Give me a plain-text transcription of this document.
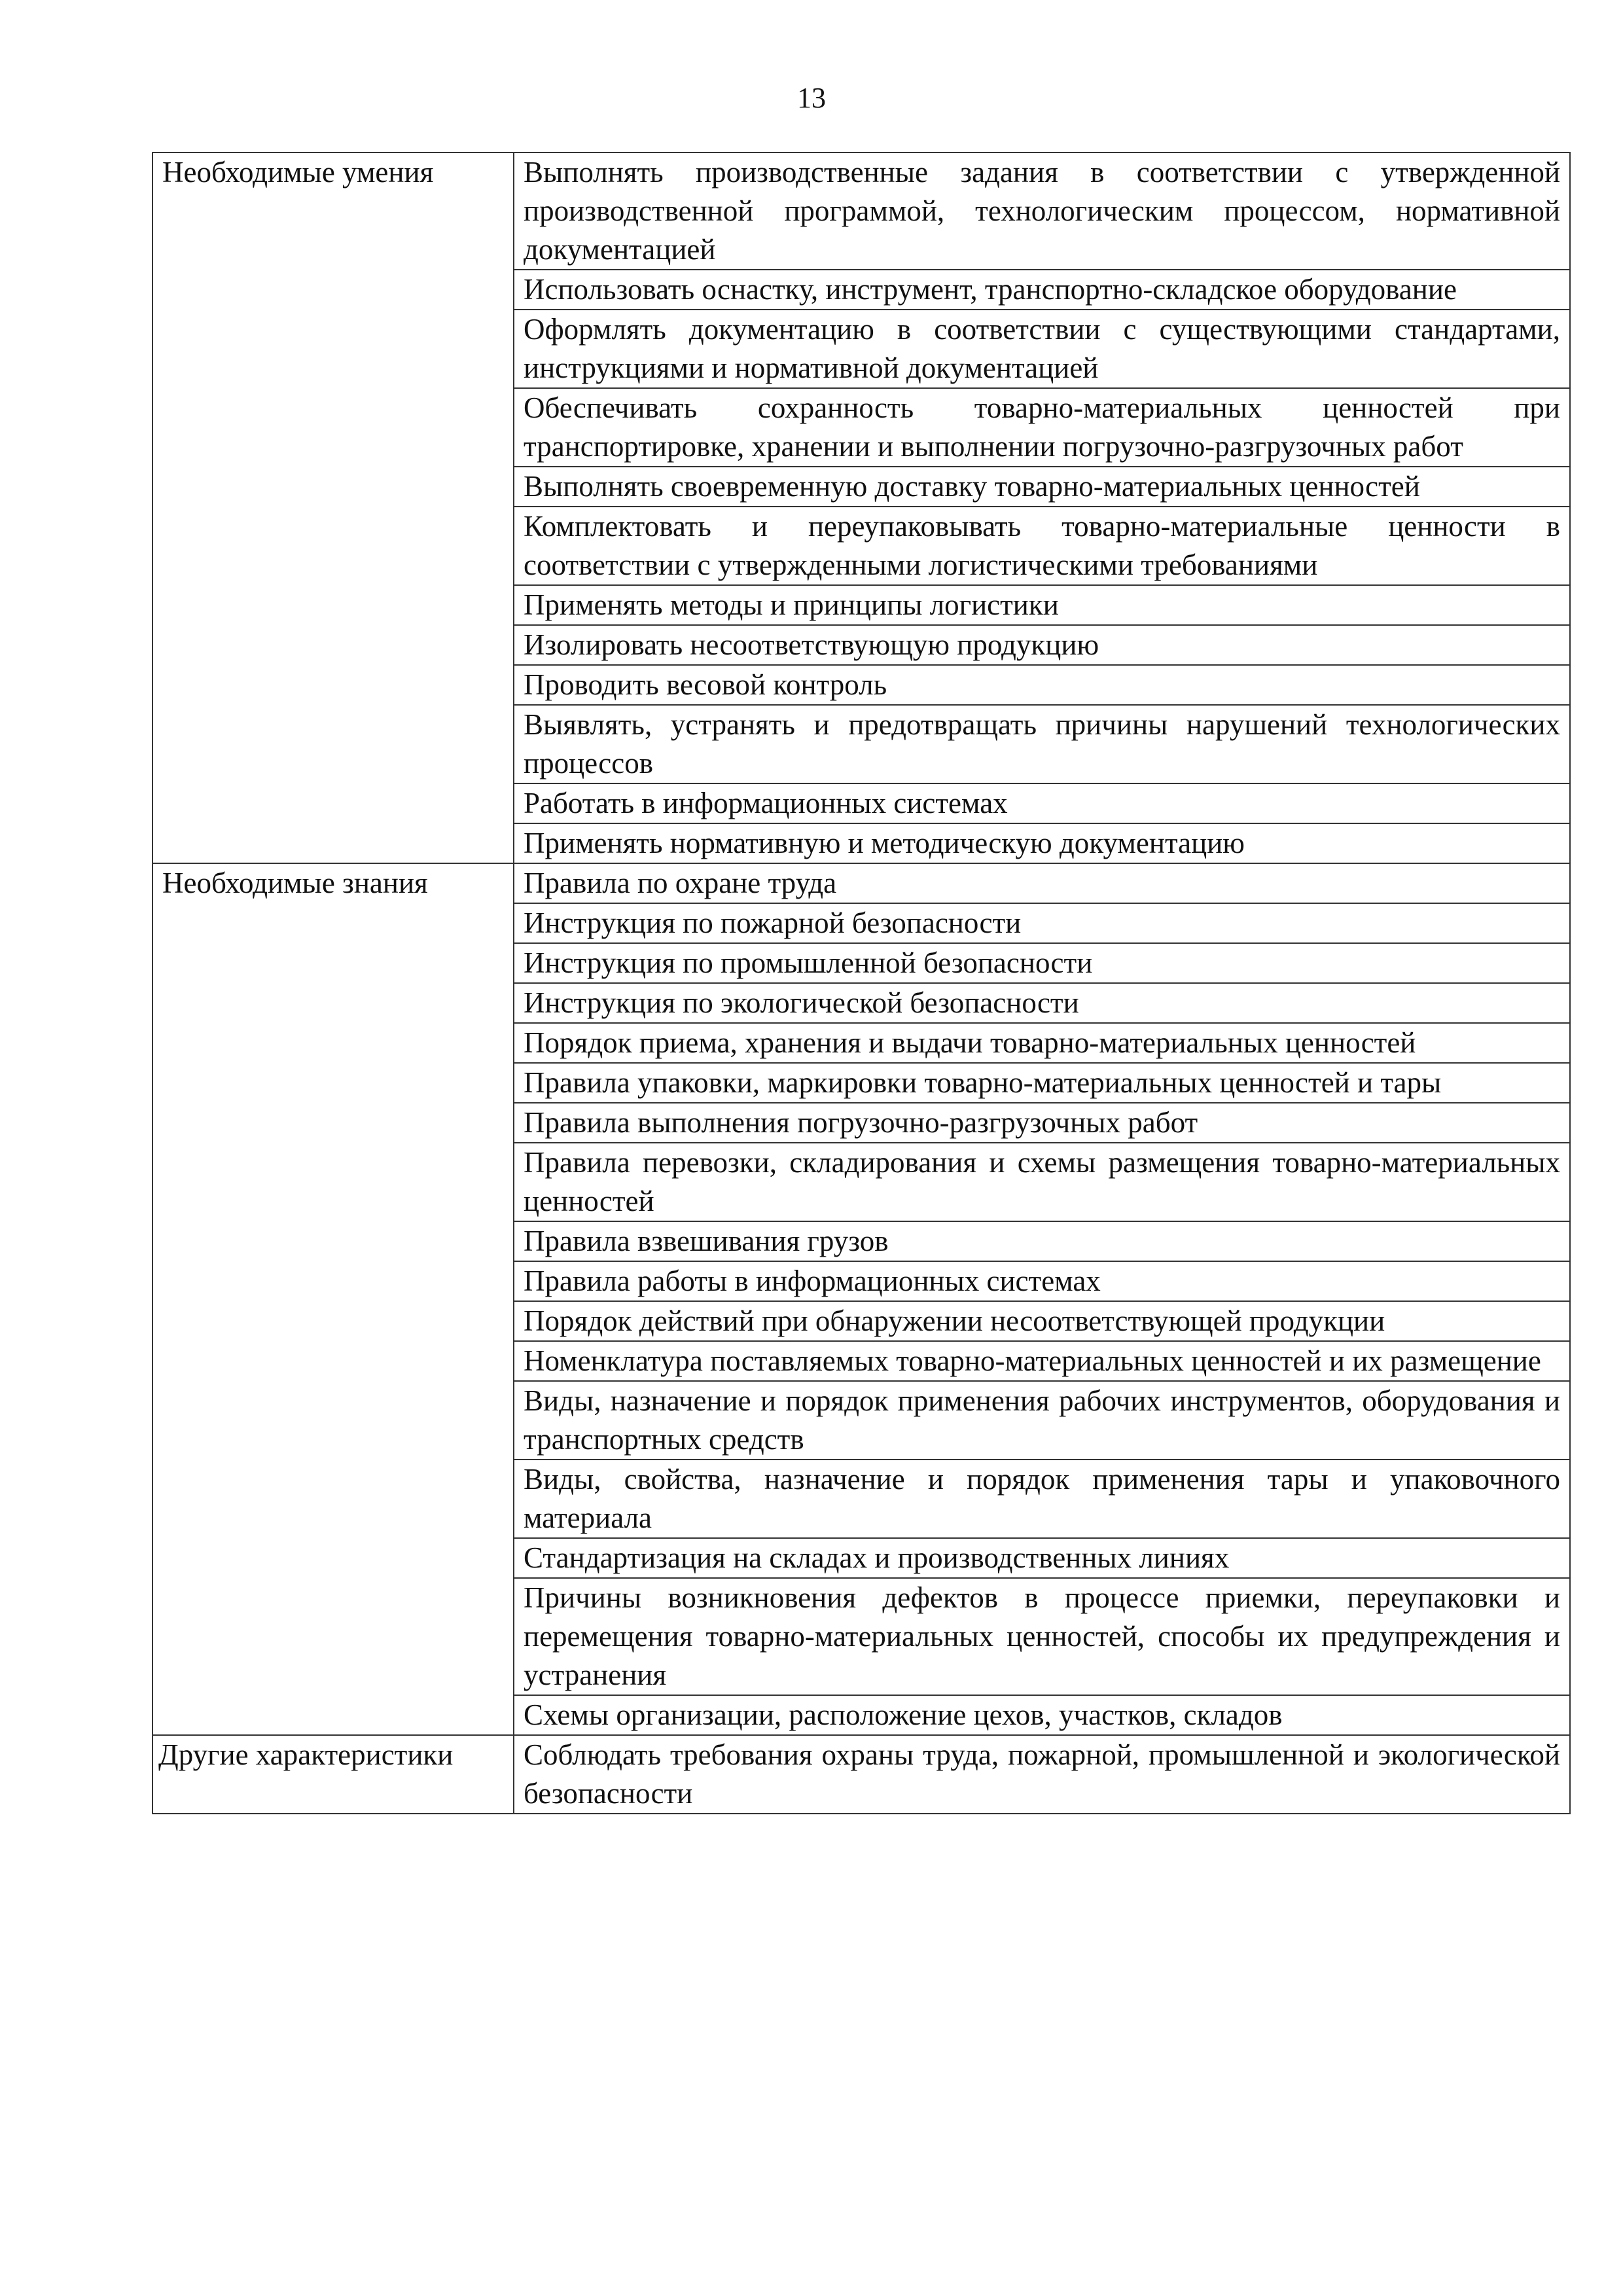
13
Необходимые умения	Выполнять производственные задания в соответствии с утвержденной производственной программой, технологическим процессом, нормативной документацией
	Использовать оснастку, инструмент, транспортно-складское оборудование
	Оформлять документацию в соответствии с существующими стандартами, инструкциями и нормативной документацией
	Обеспечивать сохранность товарно-материальных ценностей при транспортировке, хранении и выполнении погрузочно-разгрузочных работ
	Выполнять своевременную доставку товарно-материальных ценностей
	Комплектовать и переупаковывать товарно-материальные ценности в соответствии с утвержденными логистическими требованиями
	Применять методы и принципы логистики
	Изолировать несоответствующую продукцию
	Проводить весовой контроль
	Выявлять, устранять и предотвращать причины нарушений технологических процессов
	Работать в информационных системах
	Применять нормативную и методическую документацию
Необходимые знания	Правила по охране труда
	Инструкция по пожарной безопасности
	Инструкция по промышленной безопасности
	Инструкция по экологической безопасности
	Порядок приема, хранения и выдачи товарно-материальных ценностей
	Правила упаковки, маркировки товарно-материальных ценностей и тары
	Правила выполнения погрузочно-разгрузочных работ
	Правила перевозки, складирования и схемы размещения товарно-материальных ценностей
	Правила взвешивания грузов
	Правила работы в информационных системах
	Порядок действий при обнаружении несоответствующей продукции
	Номенклатура поставляемых товарно-материальных ценностей и их размещение
	Виды, назначение и порядок применения рабочих инструментов, оборудования и транспортных средств
	Виды, свойства, назначение и порядок применения тары и упаковочного материала
	Стандартизация на складах и производственных линиях
	Причины возникновения дефектов в процессе приемки, переупаковки и перемещения товарно-материальных ценностей, способы их предупреждения и устранения
	Схемы организации, расположение цехов, участков, складов
Другие характеристики	Соблюдать требования охраны труда, пожарной, промышленной и экологической безопасности
